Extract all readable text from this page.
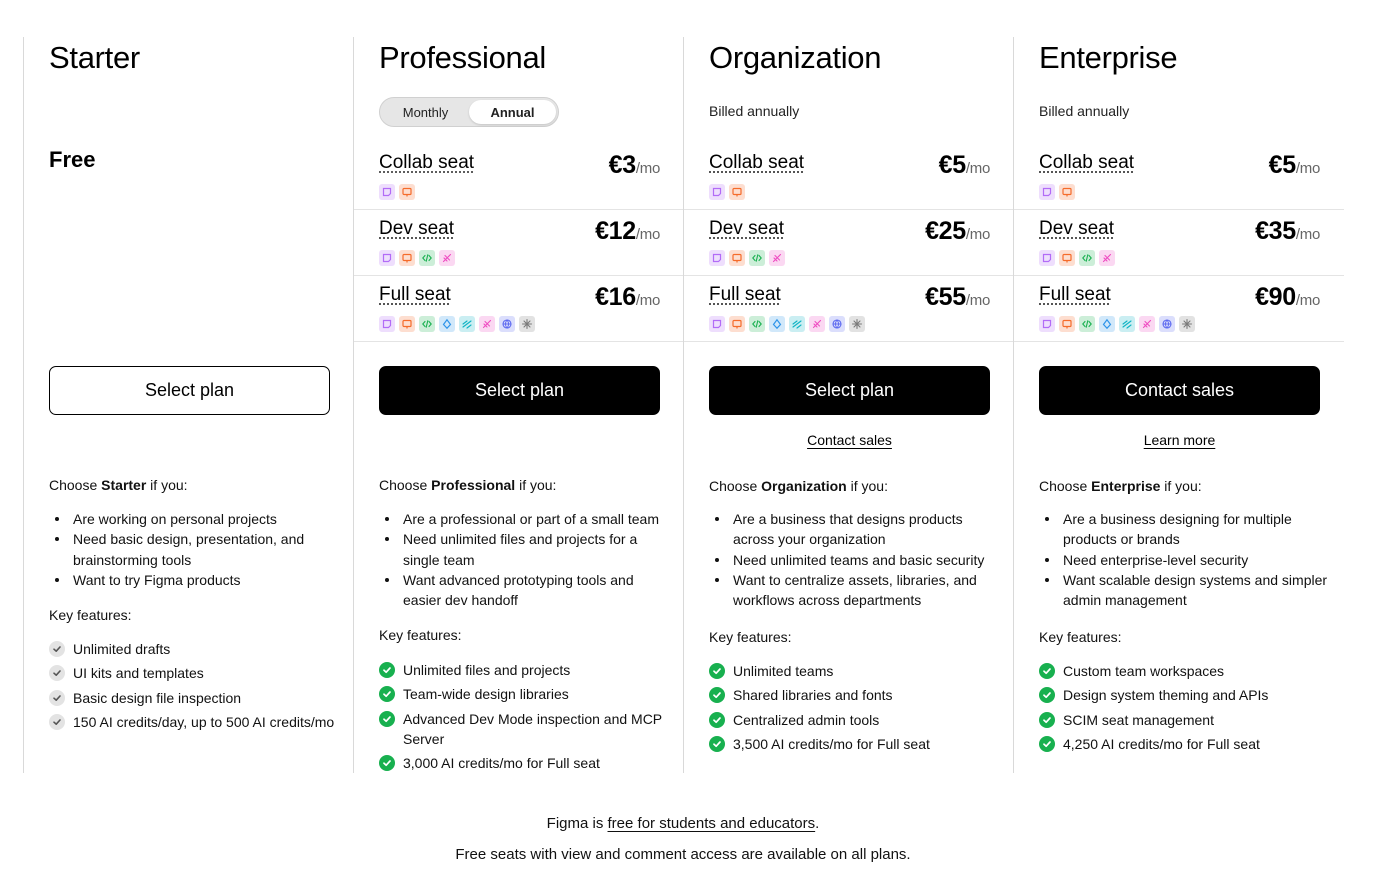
Starter
Free
Select plan
Choose Starter if you:
Are working on personal projects
Need basic design, presentation, and brainstorming tools
Want to try Figma products
Key features:
Unlimited drafts
UI kits and templates
Basic design file inspection
150 AI credits/day, up to 500 AI credits/mo
Professional
Monthly	Annual
Collab seat	€3/mo
Dev seat	€12/mo
Full seat	€16/mo
Select plan
Choose Professional if you:
Are a professional or part of a small team
Need unlimited files and projects for a single team
Want advanced prototyping tools and easier dev handoff
Key features:
Unlimited files and projects
Team-wide design libraries
Advanced Dev Mode inspection and MCP Server
3,000 AI credits/mo for Full seat
Organization
Billed annually
Collab seat	€5/mo
Dev seat	€25/mo
Full seat	€55/mo
Select plan
Contact sales
Choose Organization if you:
Are a business that designs products across your organization
Need unlimited teams and basic security
Want to centralize assets, libraries, and workflows across departments
Key features:
Unlimited teams
Shared libraries and fonts
Centralized admin tools
3,500 AI credits/mo for Full seat
Enterprise
Billed annually
Collab seat	€5/mo
Dev seat	€35/mo
Full seat	€90/mo
Contact sales
Learn more
Choose Enterprise if you:
Are a business designing for multiple products or brands
Need enterprise-level security
Want scalable design systems and simpler admin management
Key features:
Custom team workspaces
Design system theming and APIs
SCIM seat management
4,250 AI credits/mo for Full seat
Figma is free for students and educators.
Free seats with view and comment access are available on all plans.
